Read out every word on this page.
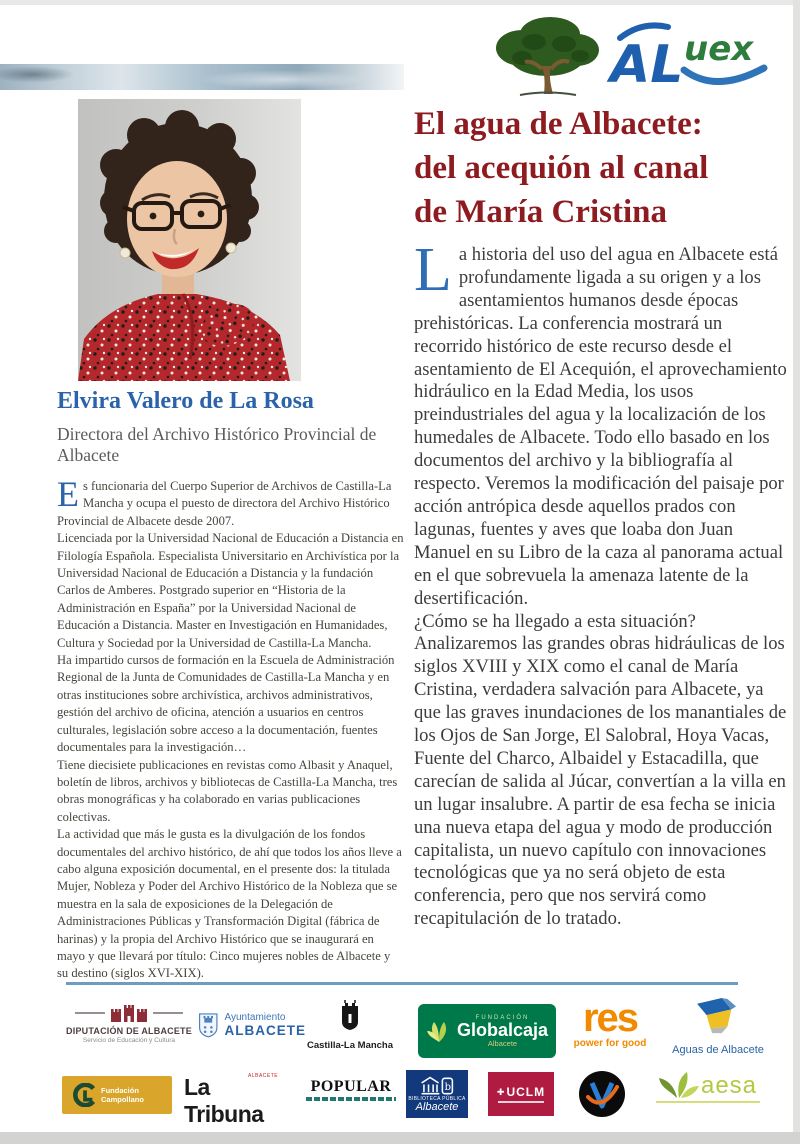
AL uex
Elvira Valero de La Rosa
Directora del Archivo Histórico Provincial de Albacete

Es funcionaria del Cuerpo Superior de Archivos de Castilla-La Mancha y ocupa el puesto de directora del Archivo Histórico Provincial de Albacete desde 2007.

Licenciada por la Universidad Nacional de Educación a Distancia en Filología Española. Especialista Universitario en Archivística por la Universidad Nacional de Educación a Distancia y la fundación Carlos de Amberes. Postgrado superior en “Historia de la Administración en España” por la Universidad Nacional de Educación a Distancia. Master en Investigación en Humanidades, Cultura y Sociedad por la Universidad de Castilla-La Mancha.

Ha impartido cursos de formación en la Escuela de Administración Regional de la Junta de Comunidades de Castilla-La Mancha y en otras instituciones sobre archivística, archivos administrativos, gestión del archivo de oficina, atención a usuarios en centros culturales, legislación sobre acceso a la documentación, fuentes documentales para la investigación…

Tiene diecisiete publicaciones en revistas como Albasit y Anaquel, boletín de libros, archivos y bibliotecas de Castilla-La Mancha, tres obras monográficas y ha colaborado en varias publicaciones colectivas.

La actividad que más le gusta es la divulgación de los fondos documentales del archivo histórico, de ahí que todos los años lleve a cabo alguna exposición documental, en el presente dos: la titulada Mujer, Nobleza y Poder del Archivo Histórico de la Nobleza que se muestra en la sala de exposiciones de la Delegación de Administraciones Públicas y Transformación Digital (fábrica de harinas) y la propia del Archivo Histórico que se inaugurará en mayo y que llevará por título: Cinco mujeres nobles de Albacete y su destino (siglos XVI-XIX).

El agua de Albacete:
del acequión al canal
de María Cristina

La historia del uso del agua en Albacete está profundamente ligada a su origen y a los asentamientos humanos desde épocas prehistóricas. La conferencia mostrará un recorrido histórico de este recurso desde el asentamiento de El Acequión, el aprovechamiento hidráulico en la Edad Media, los usos preindustriales del agua y la localización de los humedales de Albacete. Todo ello basado en los documentos del archivo y la bibliografía al respecto. Veremos la modificación del paisaje por acción antrópica desde aquellos prados con lagunas, fuentes y aves que loaba don Juan Manuel en su Libro de la caza al panorama actual en el que sobrevuela la amenaza latente de la desertificación.

¿Cómo se ha llegado a esta situación? Analizaremos las grandes obras hidráulicas de los siglos XVIII y XIX como el canal de María Cristina, verdadera salvación para Albacete, ya que las graves inundaciones de los manantiales de los Ojos de San Jorge, El Salobral, Hoya Vacas, Fuente del Charco, Albaidel y Estacadilla, que carecían de salida al Júcar, convertían a la villa en un lugar insalubre. A partir de esa fecha se inicia una nueva etapa del agua y modo de producción capitalista, un nuevo capítulo con innovaciones tecnológicas que ya no será objeto de esta conferencia, pero que nos servirá como recapitulación de lo tratado.

DIPUTACIÓN DE ALBACETE
Servicio de Educación y Cultura
Ayuntamiento
ALBACETE
Castilla-La Mancha
FUNDACIÓN
Globalcaja
Albacete
res
power for good
Aguas de Albacete
Fundación Campollano	La Tribuna
ALBACETE
POPULAR	b
BIBLIOTECA PÚBLICA
Albacete
✚ UCLM	aesa
